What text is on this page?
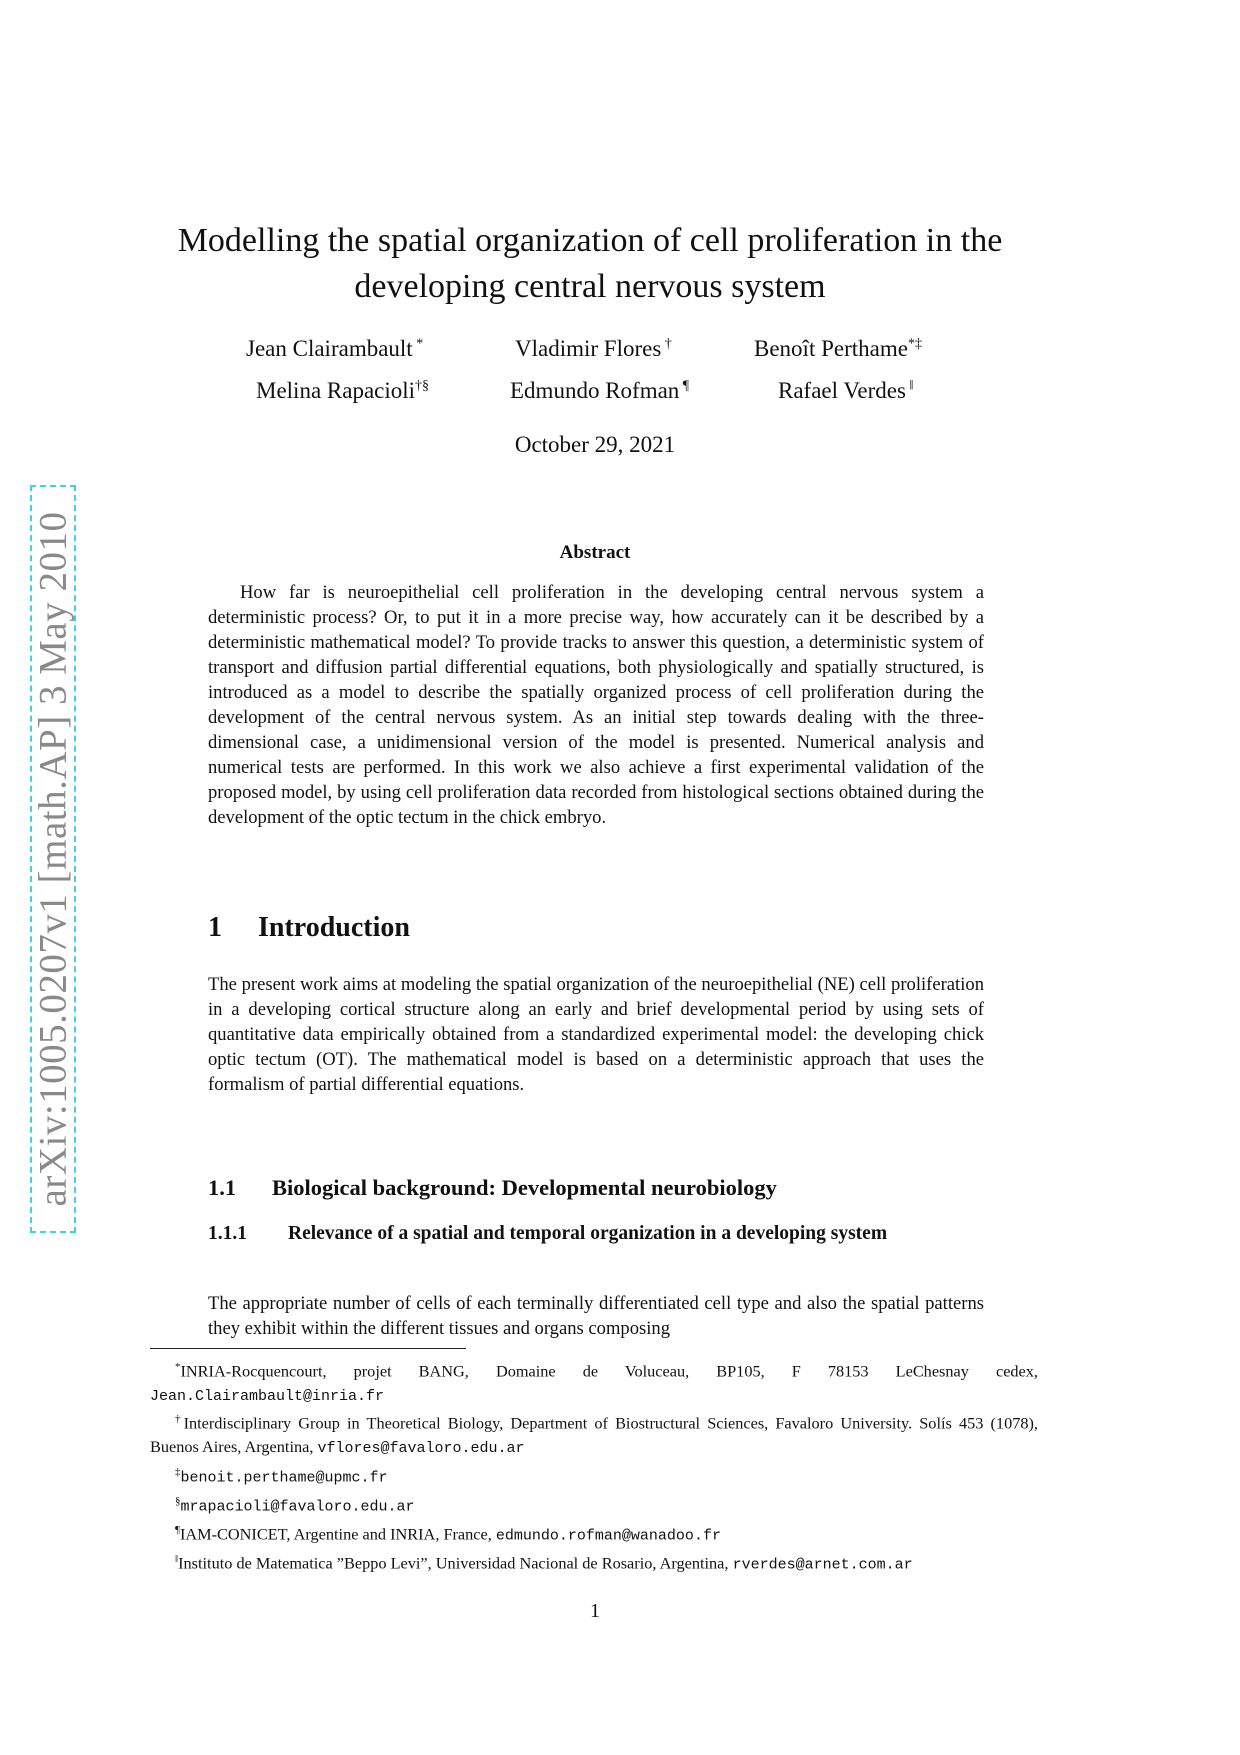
arXiv:1005.0207v1 [math.AP] 3 May 2010
Modelling the spatial organization of cell proliferation in the developing central nervous system
Jean Clairambault *	Vladimir Flores †	Benoît Perthame*‡
Melina Rapacioli†§	Edmundo Rofman ¶	Rafael Verdes ‖
October 29, 2021
Abstract

How far is neuroepithelial cell proliferation in the developing central nervous system a deterministic process? Or, to put it in a more precise way, how accurately can it be described by a deterministic mathematical model? To provide tracks to answer this question, a deterministic system of transport and diffusion partial differential equations, both physiologically and spatially structured, is introduced as a model to describe the spatially organized process of cell proliferation during the development of the central nervous system. As an initial step towards dealing with the three-dimensional case, a unidimensional version of the model is presented. Numerical analysis and numerical tests are performed. In this work we also achieve a first experimental validation of the proposed model, by using cell proliferation data recorded from histological sections obtained during the development of the optic tectum in the chick embryo.

1 Introduction

The present work aims at modeling the spatial organization of the neuroepithelial (NE) cell proliferation in a developing cortical structure along an early and brief developmental period by using sets of quantitative data empirically obtained from a standardized experimental model: the developing chick optic tectum (OT). The mathematical model is based on a deterministic approach that uses the formalism of partial differential equations.

1.1 Biological background: Developmental neurobiology
1.1.1 Relevance of a spatial and temporal organization in a developing system

The appropriate number of cells of each terminally differentiated cell type and also the spatial patterns they exhibit within the different tissues and organs composing

*INRIA-Rocquencourt, projet BANG, Domaine de Voluceau, BP105, F 78153 LeChesnay cedex, Jean.Clairambault@inria.fr

†Interdisciplinary Group in Theoretical Biology, Department of Biostructural Sciences, Favaloro University. Solís 453 (1078), Buenos Aires, Argentina, vflores@favaloro.edu.ar

‡benoit.perthame@upmc.fr

§mrapacioli@favaloro.edu.ar

¶IAM-CONICET, Argentine and INRIA, France, edmundo.rofman@wanadoo.fr

‖Instituto de Matematica ”Beppo Levi”, Universidad Nacional de Rosario, Argentina, rverdes@arnet.com.ar

1
